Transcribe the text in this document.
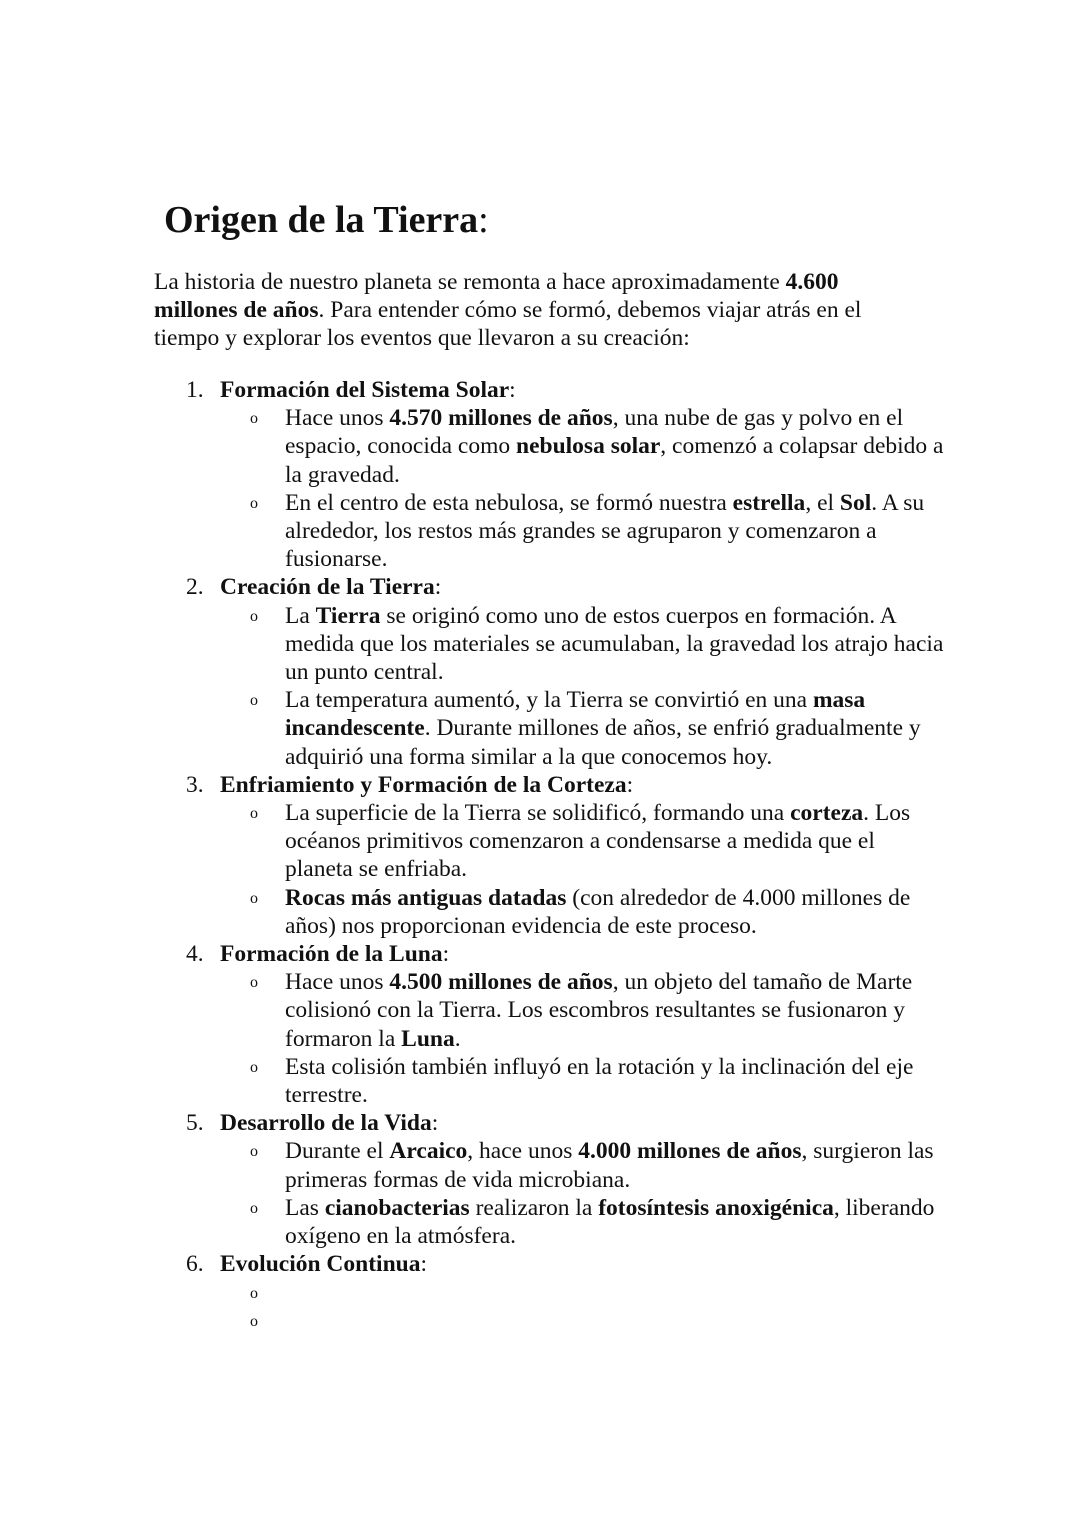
Origen de la Tierra:

La historia de nuestro planeta se remonta a hace aproximadamente 4.600 millones de años. Para entender cómo se formó, debemos viajar atrás en el tiempo y explorar los eventos que llevaron a su creación:

1. Formación del Sistema Solar:
o Hace unos 4.570 millones de años, una nube de gas y polvo en el espacio, conocida como nebulosa solar, comenzó a colapsar debido a la gravedad.
o En el centro de esta nebulosa, se formó nuestra estrella, el Sol. A su alrededor, los restos más grandes se agruparon y comenzaron a fusionarse.
2. Creación de la Tierra:
o La Tierra se originó como uno de estos cuerpos en formación. A medida que los materiales se acumulaban, la gravedad los atrajo hacia un punto central.
o La temperatura aumentó, y la Tierra se convirtió en una masa incandescente. Durante millones de años, se enfrió gradualmente y adquirió una forma similar a la que conocemos hoy.
3. Enfriamiento y Formación de la Corteza:
o La superficie de la Tierra se solidificó, formando una corteza. Los océanos primitivos comenzaron a condensarse a medida que el planeta se enfriaba.
o Rocas más antiguas datadas (con alrededor de 4.000 millones de años) nos proporcionan evidencia de este proceso.
4. Formación de la Luna:
o Hace unos 4.500 millones de años, un objeto del tamaño de Marte colisionó con la Tierra. Los escombros resultantes se fusionaron y formaron la Luna.
o Esta colisión también influyó en la rotación y la inclinación del eje terrestre.
5. Desarrollo de la Vida:
o Durante el Arcaico, hace unos 4.000 millones de años, surgieron las primeras formas de vida microbiana.
o Las cianobacterias realizaron la fotosíntesis anoxigénica, liberando oxígeno en la atmósfera.
6. Evolución Continua:
o
o
